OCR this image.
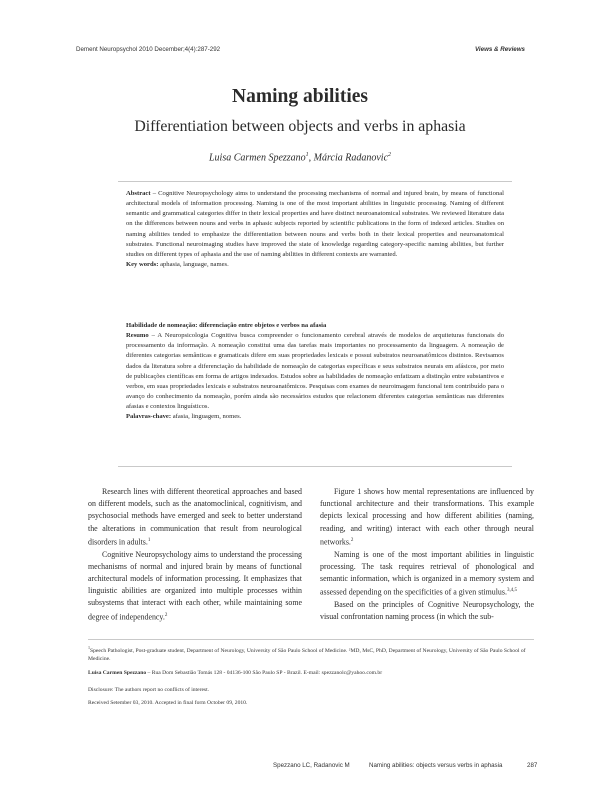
Dement Neuropsychol 2010 December;4(4):287-292	Views & Reviews
Naming abilities
Differentiation between objects and verbs in aphasia
Luisa Carmen Spezzano$^1$, Márcia Radanovic$^2$
Abstract – Cognitive Neuropsychology aims to understand the processing mechanisms of normal and injured brain, by means of functional architectural models of information processing. Naming is one of the most important abilities in linguistic processing. Naming of different semantic and grammatical categories differ in their lexical properties and have distinct neuroanatomical substrates. We reviewed literature data on the differences between nouns and verbs in aphasic subjects reported by scientific publications in the form of indexed articles. Studies on naming abilities tended to emphasize the differentiation between nouns and verbs both in their lexical properties and neuroanatomical substrates. Functional neuroimaging studies have improved the state of knowledge regarding category-specific naming abilities, but further studies on different types of aphasia and the use of naming abilities in different contexts are warranted.
Key words: aphasia, language, names.
Habilidade de nomeação: diferenciação entre objetos e verbos na afasia
Resumo – A Neuropsicologia Cognitiva busca compreender o funcionamento cerebral através de modelos de arquiteturas funcionais do processamento da informação. A nomeação constitui uma das tarefas mais importantes no processamento da linguagem. A nomeação de diferentes categorias semânticas e gramaticais difere em suas propriedades lexicais e possui substratos neuroanatômicos distintos. Revisamos dados da literatura sobre a diferenciação da habilidade de nomeação de categorias específicas e seus substratos neurais em afásicos, por meio de publicações científicas em forma de artigos indexados. Estudos sobre as habilidades de nomeação enfatizam a distinção entre substantivos e verbos, em suas propriedades lexicais e substratos neuroanatômicos. Pesquisas com exames de neuroimagem funcional tem contribuído para o avanço do conhecimento da nomeação, porém ainda são necessários estudos que relacionem diferentes categorias semânticas nas diferentes afasias e contextos linguísticos.
Palavras-chave: afasia, linguagem, nomes.

Research lines with different theoretical approaches and based on different models, such as the anatomoclinical, cognitivism, and psychosocial methods have emerged and seek to better understand the alterations in communication that result from neurological disorders in adults.$^1$

Cognitive Neuropsychology aims to understand the processing mechanisms of normal and injured brain by means of functional architectural models of information processing. It emphasizes that linguistic abilities are organized into multiple processes within subsystems that interact with each other, while maintaining some degree of independency.$^2$

Figure 1 shows how mental representations are influenced by functional architecture and their transformations. This example depicts lexical processing and how different abilities (naming, reading, and writing) interact with each other through neural networks.$^2$

Naming is one of the most important abilities in linguistic processing. The task requires retrieval of phonological and semantic information, which is organized in a memory system and assessed depending on the specificities of a given stimulus.$^{3,4,5}$

Based on the principles of Cognitive Neuropsychology, the visual confrontation naming process (in which the sub-

$^1$Speech Pathologist, Post-graduate student, Department of Neurology, University of São Paulo School of Medicine. ²MD, MsC, PhD, Department of Neurology, University of São Paulo School of Medicine.
Luisa Carmen Spezzano – Rua Dom Sebastião Tomás 128 - 04136-100 São Paulo SP - Brazil. E-mail: spezzanolc@yahoo.com.br
Disclosure: The authors report no conflicts of interest.
Received Setember 03, 2010. Accepted in final form October 09, 2010.
Spezzano LC, Radanovic M	Naming abilities: objects versus verbs in aphasia	287
